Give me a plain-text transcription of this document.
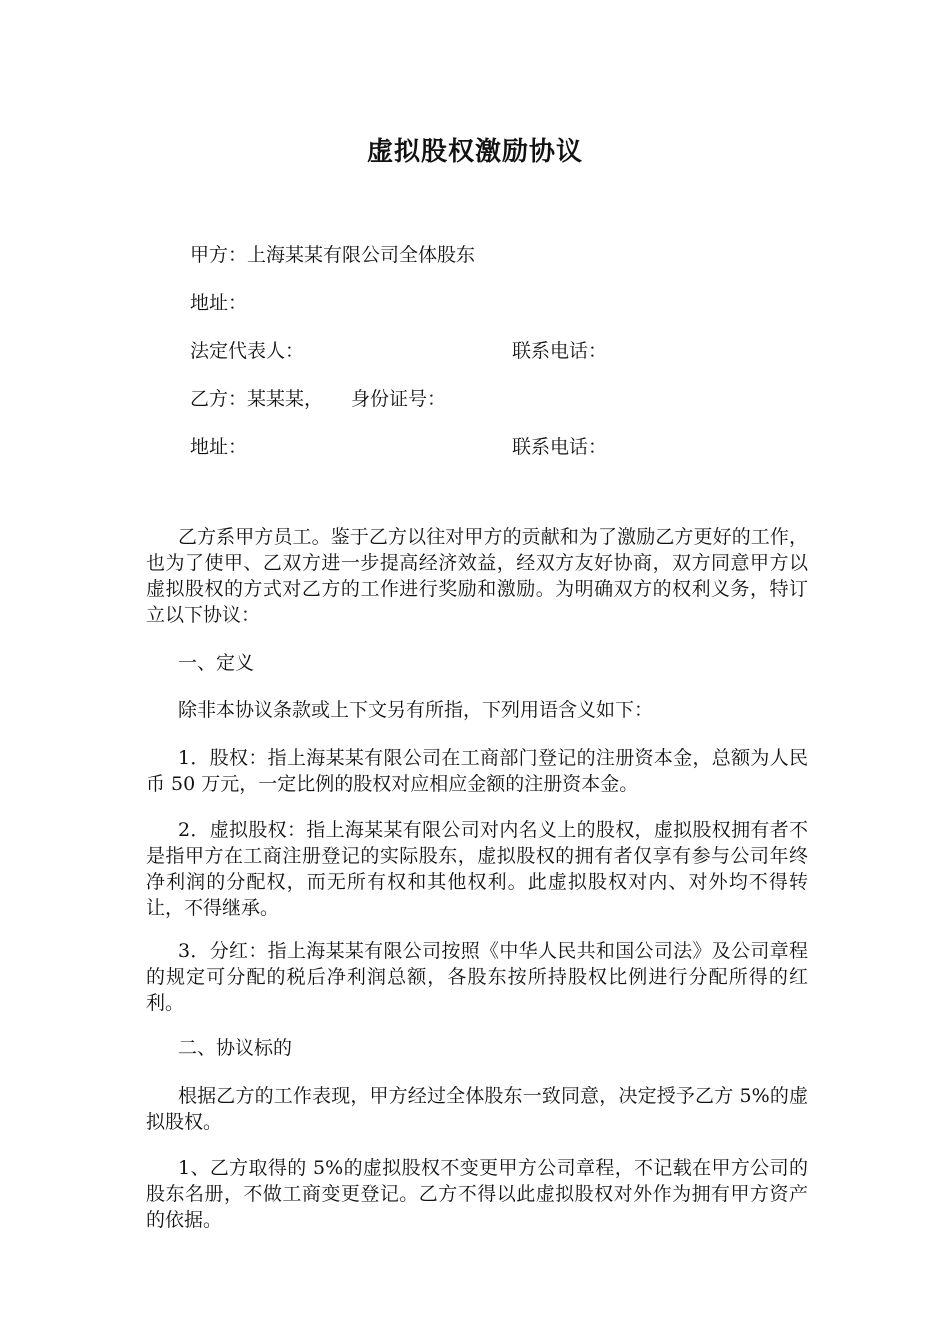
虚拟股权激励协议
甲方：上海某某有限公司全体股东
地址：
法定代表人：	联系电话：
乙方：某某某， 身份证号：
地址：	联系电话：
乙方系甲方员工。鉴于乙方以往对甲方的贡献和为了激励乙方更好的工作，也为了使甲、乙双方进一步提高经济效益，经双方友好协商，双方同意甲方以虚拟股权的方式对乙方的工作进行奖励和激励。为明确双方的权利义务，特订立以下协议：
一、定义
除非本协议条款或上下文另有所指，下列用语含义如下：
1．股权：指上海某某有限公司在工商部门登记的注册资本金，总额为人民币 50 万元，一定比例的股权对应相应金额的注册资本金。
2．虚拟股权：指上海某某有限公司对内名义上的股权，虚拟股权拥有者不是指甲方在工商注册登记的实际股东，虚拟股权的拥有者仅享有参与公司年终净利润的分配权，而无所有权和其他权利。此虚拟股权对内、对外均不得转让，不得继承。
3．分红：指上海某某有限公司按照《中华人民共和国公司法》及公司章程的规定可分配的税后净利润总额，各股东按所持股权比例进行分配所得的红利。
二、协议标的
根据乙方的工作表现，甲方经过全体股东一致同意，决定授予乙方 5%的虚拟股权。
1、乙方取得的 5%的虚拟股权不变更甲方公司章程，不记载在甲方公司的股东名册，不做工商变更登记。乙方不得以此虚拟股权对外作为拥有甲方资产的依据。
